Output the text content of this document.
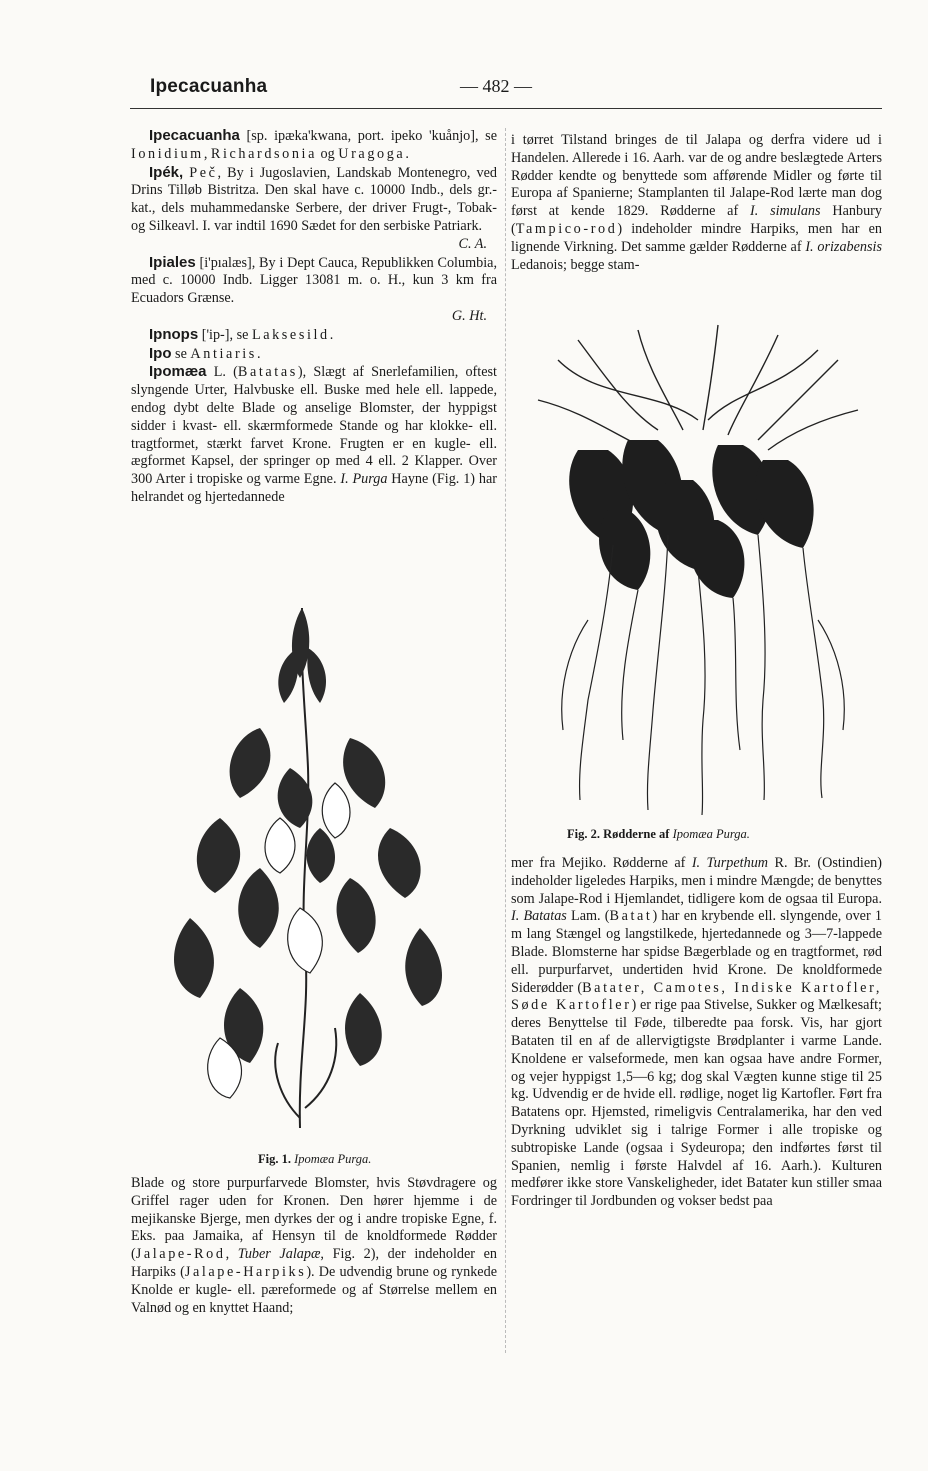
Ipecacuanha	— 482 —

Ipecacuanha [sp. ipæka'kwana, port. ipeko 'kuånjo], se Ionidium, Richardsonia og Uragoga.

Ipék, Peč, By i Jugoslavien, Landskab Montenegro, ved Drins Tilløb Bistritza. Den skal have c. 10000 Indb., dels gr.-kat., dels muhammedanske Serbere, der driver Frugt-, Tobak- og Silkeavl. I. var indtil 1690 Sædet for den serbiske Patriark.

C. A.

Ipiales [i'pıalæs], By i Dept Cauca, Republikken Columbia, med c. 10000 Indb. Ligger 13081 m. o. H., kun 3 km fra Ecuadors Grænse.

G. Ht.

Ipnops ['ip-], se Laksesild.

Ipo se Antiaris.

Ipomæa L. (Batatas), Slægt af Snerlefamilien, oftest slyngende Urter, Halvbuske ell. Buske med hele ell. lappede, endog dybt delte Blade og anselige Blomster, der hyppigst sidder i kvast- ell. skærmformede Stande og har klokke- ell. tragtformet, stærkt farvet Krone. Frugten er en kugle- ell. ægformet Kapsel, der springer op med 4 ell. 2 Klapper. Over 300 Arter i tropiske og varme Egne. I. Purga Hayne (Fig. 1) har helrandet og hjertedannede

Fig. 1. Ipomæa Purga.

Blade og store purpurfarvede Blomster, hvis Støvdragere og Griffel rager uden for Kronen. Den hører hjemme i de mejikanske Bjerge, men dyrkes der og i andre tropiske Egne, f. Eks. paa Jamaika, af Hensyn til de knoldformede Rødder (Jalape-Rod, Tuber Jalapæ, Fig. 2), der indeholder en Harpiks (Jalape-Harpiks). De udvendig brune og rynkede Knolde er kugle- ell. pæreformede og af Størrelse mellem en Valnød og en knyttet Haand;

i tørret Tilstand bringes de til Jalapa og derfra videre ud i Handelen. Allerede i 16. Aarh. var de og andre beslægtede Arters Rødder kendte og benyttede som afførende Midler og førte til Europa af Spanierne; Stamplanten til Jalape-Rod lærte man dog først at kende 1829. Rødderne af I. simulans Hanbury (Tampico-rod) indeholder mindre Harpiks, men har en lignende Virkning. Det samme gælder Rødderne af I. orizabensis Ledanois; begge stam-

Fig. 2. Rødderne af Ipomæa Purga.

mer fra Mejiko. Rødderne af I. Turpethum R. Br. (Ostindien) indeholder ligeledes Harpiks, men i mindre Mængde; de benyttes som Jalape-Rod i Hjemlandet, tidligere kom de ogsaa til Europa. I. Batatas Lam. (Batat) har en krybende ell. slyngende, over 1 m lang Stængel og langstilkede, hjertedannede og 3—7-lappede Blade. Blomsterne har spidse Bægerblade og en tragtformet, rød ell. purpurfarvet, undertiden hvid Krone. De knoldformede Siderødder (Batater, Camotes, Indiske Kartofler, Søde Kartofler) er rige paa Stivelse, Sukker og Mælkesaft; deres Benyttelse til Føde, tilberedte paa forsk. Vis, har gjort Bataten til en af de allervigtigste Brødplanter i varme Lande. Knoldene er valseformede, men kan ogsaa have andre Former, og vejer hyppigst 1,5—6 kg; dog skal Vægten kunne stige til 25 kg. Udvendig er de hvide ell. rødlige, noget lig Kartofler. Ført fra Batatens opr. Hjemsted, rimeligvis Centralamerika, har den ved Dyrkning udviklet sig i talrige Former i alle tropiske og subtropiske Lande (ogsaa i Sydeuropa; den indførtes først til Spanien, nemlig i første Halvdel af 16. Aarh.). Kulturen medfører ikke store Vanskeligheder, idet Batater kun stiller smaa Fordringer til Jordbunden og vokser bedst paa
